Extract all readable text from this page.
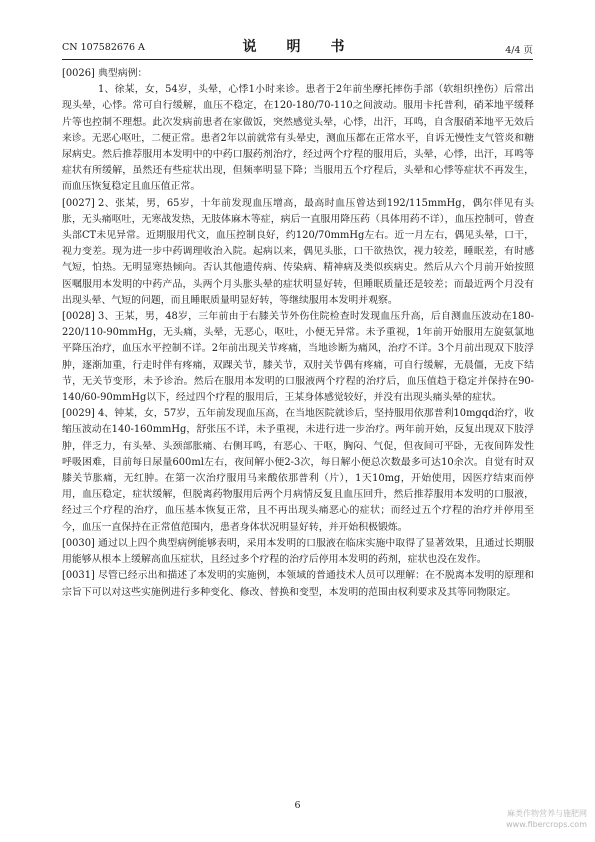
CN 107582676 A	说　明　书	4/4 页

[0026] 典型病例：

1、徐某，女，54岁，头晕，心悸1小时来诊。患者于2年前坐摩托摔伤手部（软组织挫伤）后常出现头晕，心悸。常可自行缓解，血压不稳定，在120-180/70-110之间波动。服用卡托普利，硝苯地平缓释片等也控制不理想。此次发病前患者在家做饭，突然感觉头晕，心悸，出汗，耳鸣，自含服硝苯地平无效后来诊。无恶心呕吐，二便正常。患者2年以前就常有头晕史，测血压都在正常水平，自诉无慢性支气管炎和糖尿病史。然后推荐服用本发明中的中药口服药剂治疗，经过两个疗程的服用后，头晕，心悸，出汗，耳鸣等症状有所缓解，虽然还有些症状出现，但频率明显下降；当服用五个疗程后，头晕和心悸等症状不再发生，而血压恢复稳定且血压值正常。

[0027] 2、张某，男，65岁，十年前发现血压增高，最高时血压曾达到192/115mmHg，偶尔伴见有头胀，无头痛呕吐，无寒战发热，无肢体麻木等症，病后一直服用降压药（具体用药不详），血压控制可，曾查头部CT未见异常。近期服用代文，血压控制良好，约120/70mmHg左右。近一月左右，偶见头晕，口干，视力变差。现为进一步中药调理收治入院。起病以来，偶见头胀，口干欲热饮，视力较差，睡眠差，有时感气短，怕热。无明显寒热倾向。否认其他遗传病、传染病、精神病及类似疾病史。然后从六个月前开始按照医嘱服用本发明的中药产品，头两个月头胀头晕的症状明显好转，但睡眠质量还是较差；而最近两个月没有出现头晕、气短的问题，而且睡眠质量明显好转，等继续服用本发明并观察。

[0028] 3、王某，男，48岁，三年前由于右膝关节外伤住院检查时发现血压升高，后自测血压波动在180-220/110-90mmHg，无头痛，头晕，无恶心，呕吐，小便无异常。未予重视，1年前开始服用左旋氨氯地平降压治疗，血压水平控制不详。2年前出现关节疼痛，当地诊断为痛风，治疗不详。3个月前出现双下肢浮肿，逐渐加重，行走时伴有疼痛，双踝关节，膝关节，双肘关节偶有疼痛，可自行缓解，无晨僵，无皮下结节，无关节变形，未予诊治。然后在服用本发明的口服液两个疗程的治疗后，血压值趋于稳定并保持在90-140/60-90mmHg以下，经过四个疗程的服用后，王某身体感觉较好，并没有出现头痛头晕的症状。

[0029] 4、钟某，女，57岁，五年前发现血压高，在当地医院就诊后，坚持服用依那普利10mgqd治疗，收缩压波动在140-160mmHg，舒张压不详，未予重视，未进行进一步治疗。两年前开始，反复出现双下肢浮肿，伴乏力，有头晕、头颈部胀痛、右侧耳鸣，有恶心、干呕，胸闷、气促，但夜间可平卧，无夜间阵发性呼吸困难，目前每日尿量600ml左右，夜间解小便2-3次，每日解小便总次数最多可达10余次。自觉有时双膝关节胀痛，无红肿。在第一次治疗服用马来酸依那普利（片），1天10mg，开始使用，因医疗结束而停用，血压稳定，症状缓解，但脱离药物服用后两个月病情反复且血压回升，然后推荐服用本发明的口服液，经过三个疗程的治疗，血压基本恢复正常，且不再出现头痛恶心的症状；而经过五个疗程的治疗并停用至今，血压一直保持在正常值范围内，患者身体状况明显好转，并开始积极锻炼。

[0030] 通过以上四个典型病例能够表明，采用本发明的口服液在临床实施中取得了显著效果，且通过长期服用能够从根本上缓解高血压症状，且经过多个疗程的治疗后停用本发明的药剂，症状也没在发作。

[0031] 尽管已经示出和描述了本发明的实施例，本领域的普通技术人员可以理解：在不脱离本发明的原理和宗旨下可以对这些实施例进行多种变化、修改、替换和变型，本发明的范围由权利要求及其等同物限定。

6
麻类作物营养与施肥网
www.fibercrops.com
